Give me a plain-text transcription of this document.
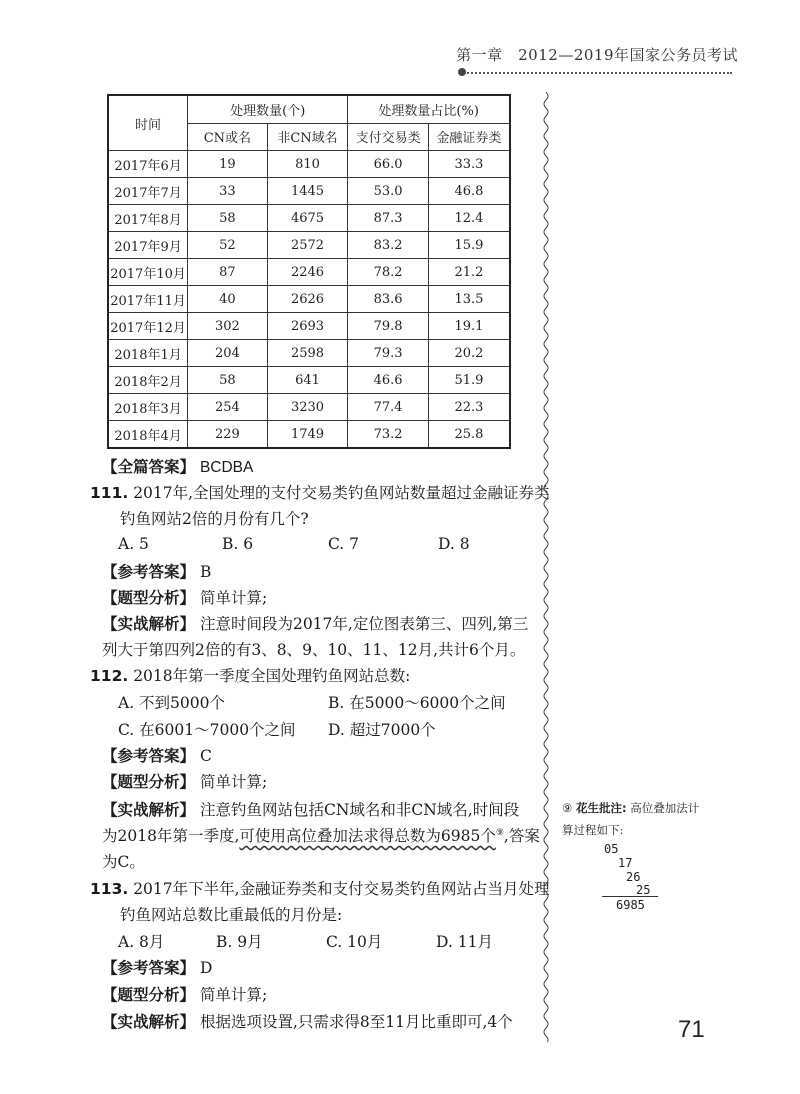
第一章　2012—2019年国家公务员考试
时间	处理数量(个)		处理数量占比(%)	
	CN或名	非CN域名	支付交易类	金融证券类
2017年6月	19	810	66.0	33.3
2017年7月	33	1445	53.0	46.8
2017年8月	58	4675	87.3	12.4
2017年9月	52	2572	83.2	15.9
2017年10月	87	2246	78.2	21.2
2017年11月	40	2626	83.6	13.5
2017年12月	302	2693	79.8	19.1
2018年1月	204	2598	79.3	20.2
2018年2月	58	641	46.6	51.9
2018年3月	254	3230	77.4	22.3
2018年4月	229	1749	73.2	25.8
【全篇答案】 BCDBA
111. 2017年,全国处理的支付交易类钓鱼网站数量超过金融证券类
钓鱼网站2倍的月份有几个?
A. 5	B. 6	C. 7	D. 8
【参考答案】 B
【题型分析】 简单计算;
【实战解析】 注意时间段为2017年,定位图表第三、四列,第三
列大于第四列2倍的有3、8、9、10、11、12月,共计6个月。
112. 2018年第一季度全国处理钓鱼网站总数:
A. 不到5000个	B. 在5000～6000个之间
C. 在6001～7000个之间 D. 超过7000个
【参考答案】 C
【题型分析】 简单计算;
【实战解析】 注意钓鱼网站包括CN域名和非CN域名,时间段
为2018年第一季度,可使用高位叠加法求得总数为6985个⑨,答案
为C。
113. 2017年下半年,金融证券类和支付交易类钓鱼网站占当月处理
钓鱼网站总数比重最低的月份是:
A. 8月	B. 9月	C. 10月	D. 11月
【参考答案】 D
【题型分析】 简单计算;
【实战解析】 根据选项设置,只需求得8至11月比重即可,4个
⑨ 花生批注: 高位叠加法计
算过程如下:
05
17
26
25
6985
71
